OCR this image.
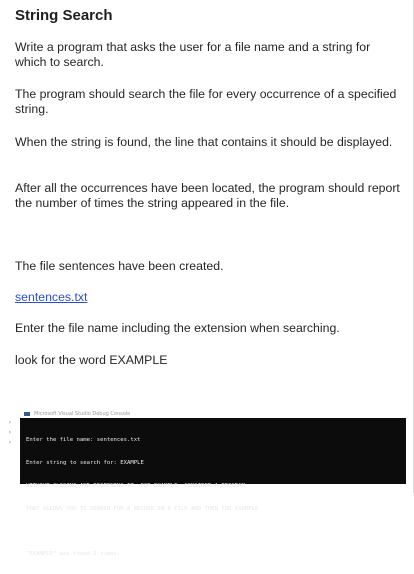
String Search

Write a program that asks the user for a file name and a string for which to search.

The program should search the file for every occurrence of a specified string.

When the string is found, the line that contains it should be displayed.

After all the occurrences have been located, the program should report the number of times the string appeared in the file.

The file sentences have been created.

sentences.txt

Enter the file name including the extension when searching.

look for the word EXAMPLE

›
›
›
Microsoft Visual Studio Debug Console

Enter the file name: sentences.txt

Enter string to search for: EXAMPLE

WITHOUT CLOSING AND REOPENING IT. FOR EXAMPLE, CONSIDER A PROGRAM

THAT ALLOWS YOU TO SEARCH FOR A RECORD IN A FILE AND THEN FOR EXAMPLE

"EXAMPLE" was found 2 times.
